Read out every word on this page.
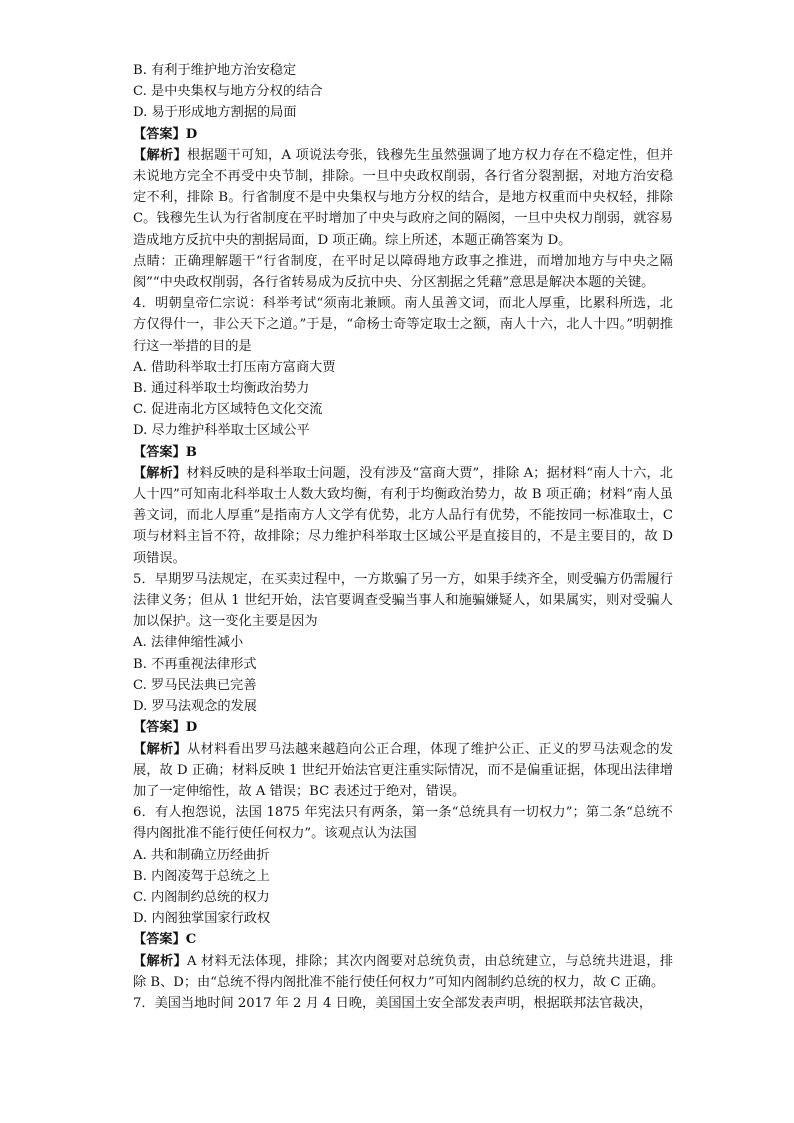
B. 有利于维护地方治安稳定
C. 是中央集权与地方分权的结合
D. 易于形成地方割据的局面
【答案】D
【解析】根据题干可知，A 项说法夸张，钱穆先生虽然强调了地方权力存在不稳定性，但并未说地方完全不再受中央节制，排除。一旦中央政权削弱，各行省分裂割据，对地方治安稳定不利，排除 B。行省制度不是中央集权与地方分权的结合，是地方权重而中央权轻，排除 C。钱穆先生认为行省制度在平时增加了中央与政府之间的隔阂，一旦中央权力削弱，就容易造成地方反抗中央的割据局面，D 项正确。综上所述，本题正确答案为 D。
点睛：正确理解题干“行省制度，在平时足以障碍地方政事之推进，而增加地方与中央之隔阂”“中央政权削弱，各行省转易成为反抗中央、分区割据之凭藉”意思是解决本题的关键。
4．明朝皇帝仁宗说：科举考试“须南北兼顾。南人虽善文词，而北人厚重，比累科所选，北方仅得什一，非公天下之道。”于是，“命杨士奇等定取士之额，南人十六，北人十四。”明朝推行这一举措的目的是
A. 借助科举取士打压南方富商大贾
B. 通过科举取士均衡政治势力
C. 促进南北方区域特色文化交流
D. 尽力维护科举取士区域公平
【答案】B
【解析】材料反映的是科举取士问题，没有涉及“富商大贾”，排除 A；据材料“南人十六，北人十四”可知南北科举取士人数大致均衡，有利于均衡政治势力，故 B 项正确；材料“南人虽善文词，而北人厚重”是指南方人文学有优势，北方人品行有优势，不能按同一标准取士，C 项与材料主旨不符，故排除；尽力维护科举取士区域公平是直接目的，不是主要目的，故 D 项错误。
5．早期罗马法规定，在买卖过程中，一方欺骗了另一方，如果手续齐全，则受骗方仍需履行法律义务；但从 1 世纪开始，法官要调查受骗当事人和施骗嫌疑人，如果属实，则对受骗人加以保护。这一变化主要是因为
A. 法律伸缩性减小
B. 不再重视法律形式
C. 罗马民法典已完善
D. 罗马法观念的发展
【答案】D
【解析】从材料看出罗马法越来越趋向公正合理，体现了维护公正、正义的罗马法观念的发展，故 D 正确；材料反映 1 世纪开始法官更注重实际情况，而不是偏重证据，体现出法律增加了一定伸缩性，故 A 错误；BC 表述过于绝对，错误。
6．有人抱怨说，法国 1875 年宪法只有两条，第一条“总统具有一切权力”；第二条“总统不得内阁批准不能行使任何权力”。该观点认为法国
A. 共和制确立历经曲折
B. 内阁凌驾于总统之上
C. 内阁制约总统的权力
D. 内阁独掌国家行政权
【答案】C
【解析】A 材料无法体现，排除；其次内阁要对总统负责，由总统建立，与总统共进退，排除 B、D；由“总统不得内阁批准不能行使任何权力”可知内阁制约总统的权力，故 C 正确。
7．美国当地时间 2017 年 2 月 4 日晚，美国国土安全部发表声明，根据联邦法官裁决，
